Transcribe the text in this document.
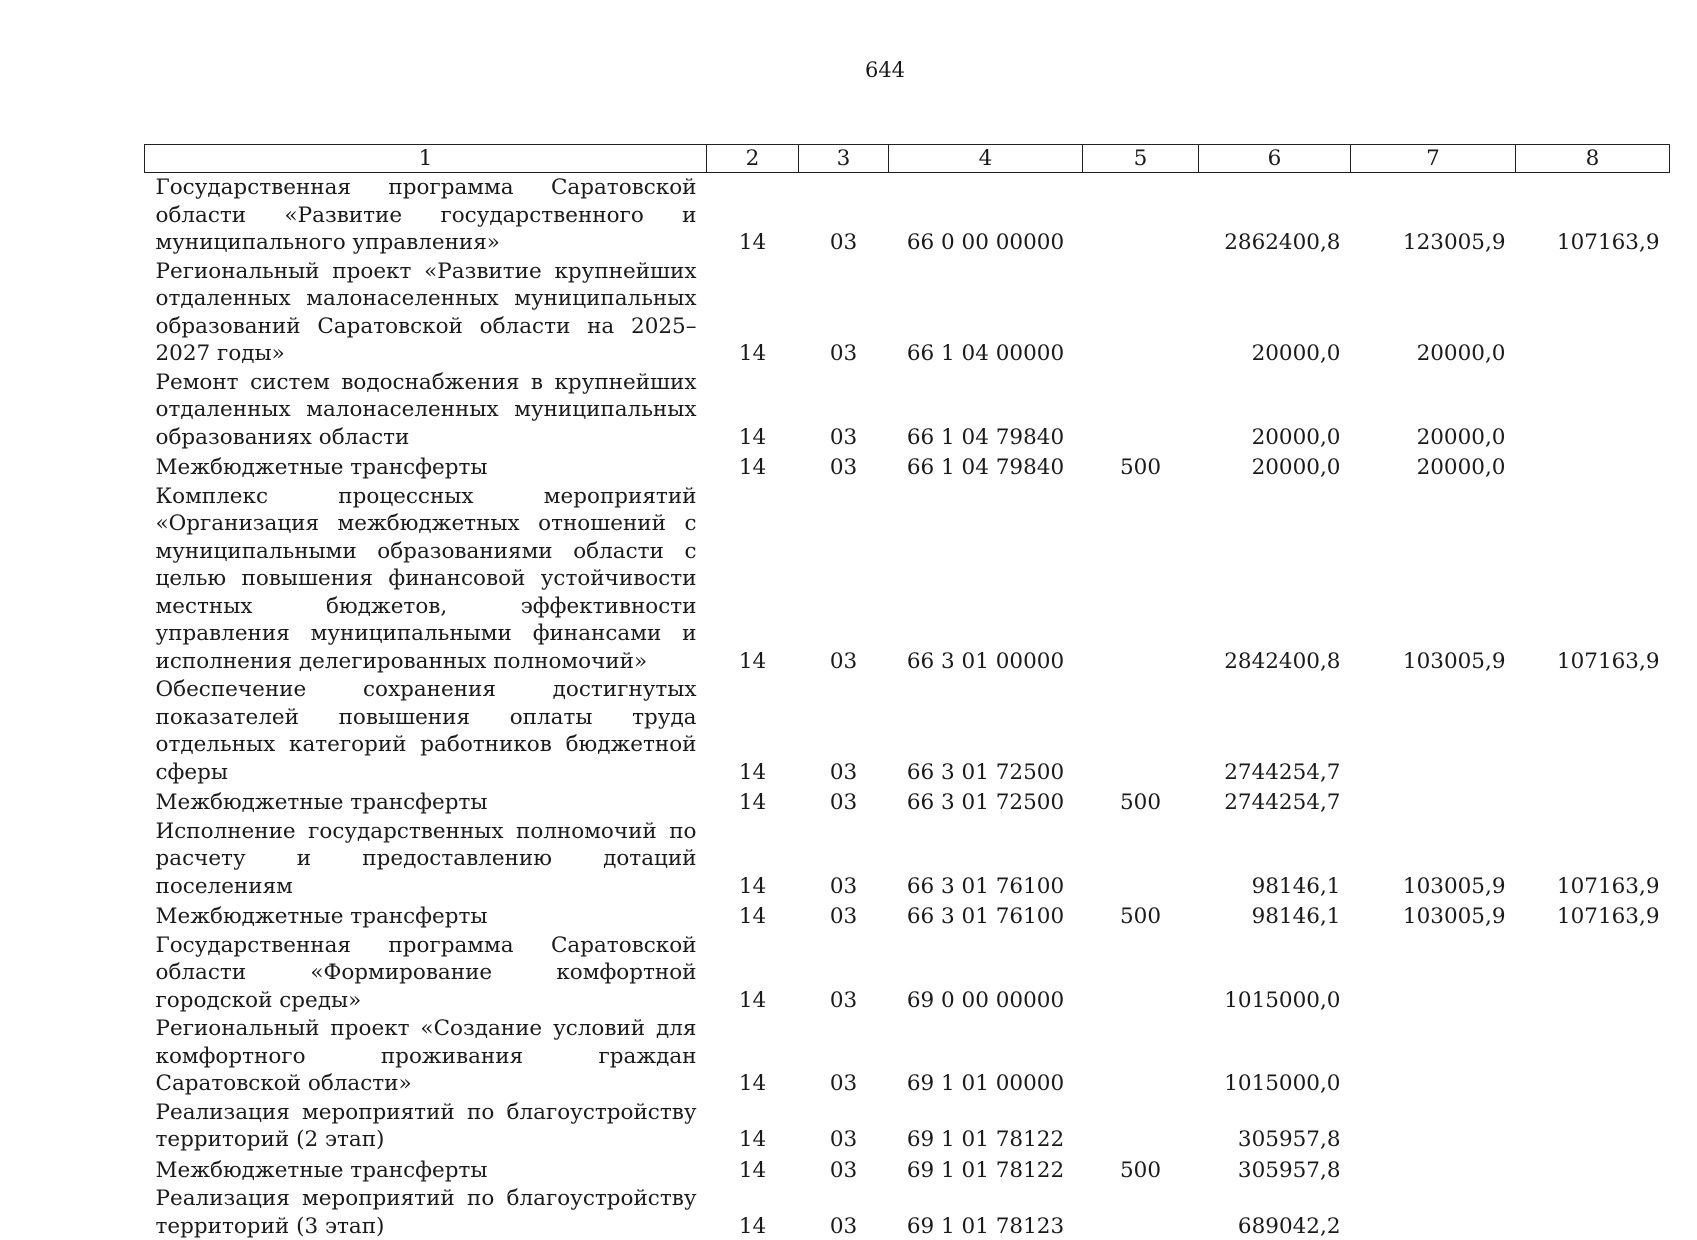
644
1	2	3	4	5	6	7	8
Государственная программа Саратовской области «Развитие государственного и муниципального управления»	14	03	66 0 00 00000		2862400,8	123005,9	107163,9
Региональный проект «Развитие крупнейших отдаленных малонаселенных муниципальных образований Саратовской области на 2025–2027 годы»	14	03	66 1 04 00000		20000,0	20000,0	
Ремонт систем водоснабжения в крупнейших отдаленных малонаселенных муниципальных образованиях области	14	03	66 1 04 79840		20000,0	20000,0	
Межбюджетные трансферты	14	03	66 1 04 79840	500	20000,0	20000,0	
Комплекс процессных мероприятий «Организация межбюджетных отношений с муниципальными образованиями области с целью повышения финансовой устойчивости местных бюджетов, эффективности управления муниципальными финансами и исполнения делегированных полномочий»	14	03	66 3 01 00000		2842400,8	103005,9	107163,9
Обеспечение сохранения достигнутых показателей повышения оплаты труда отдельных категорий работников бюджетной сферы	14	03	66 3 01 72500		2744254,7		
Межбюджетные трансферты	14	03	66 3 01 72500	500	2744254,7		
Исполнение государственных полномочий по расчету и предоставлению дотаций поселениям	14	03	66 3 01 76100		98146,1	103005,9	107163,9
Межбюджетные трансферты	14	03	66 3 01 76100	500	98146,1	103005,9	107163,9
Государственная программа Саратовской области «Формирование комфортной городской среды»	14	03	69 0 00 00000		1015000,0		
Региональный проект «Создание условий для комфортного проживания граждан Саратовской области»	14	03	69 1 01 00000		1015000,0		
Реализация мероприятий по благоустройству территорий (2 этап)	14	03	69 1 01 78122		305957,8		
Межбюджетные трансферты	14	03	69 1 01 78122	500	305957,8		
Реализация мероприятий по благоустройству территорий (3 этап)	14	03	69 1 01 78123		689042,2		
